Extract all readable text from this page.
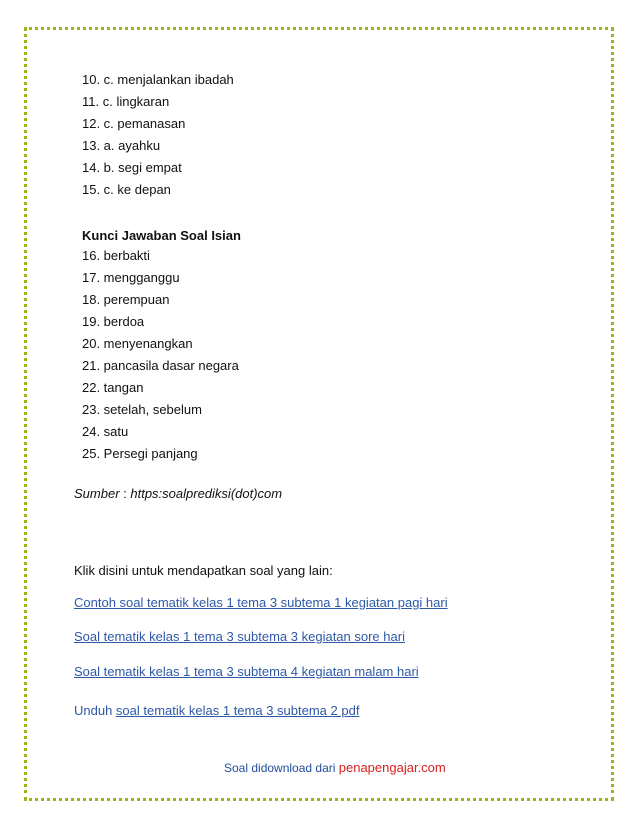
10. c. menjalankan ibadah
11. c. lingkaran
12. c. pemanasan
13. a. ayahku
14. b. segi empat
15. c. ke depan
Kunci Jawaban Soal Isian
16. berbakti
17. mengganggu
18. perempuan
19. berdoa
20. menyenangkan
21. pancasila dasar negara
22. tangan
23. setelah, sebelum
24. satu
25. Persegi panjang
Sumber : https:soalprediksi(dot)com
Klik disini untuk mendapatkan soal yang lain:
Contoh soal tematik kelas 1 tema 3 subtema 1 kegiatan pagi hari
Soal tematik kelas 1 tema 3 subtema 3 kegiatan sore hari
Soal tematik kelas 1 tema 3 subtema 4 kegiatan malam hari
Unduh soal tematik kelas 1 tema 3 subtema 2 pdf
Soal didownload dari penapengajar.com
